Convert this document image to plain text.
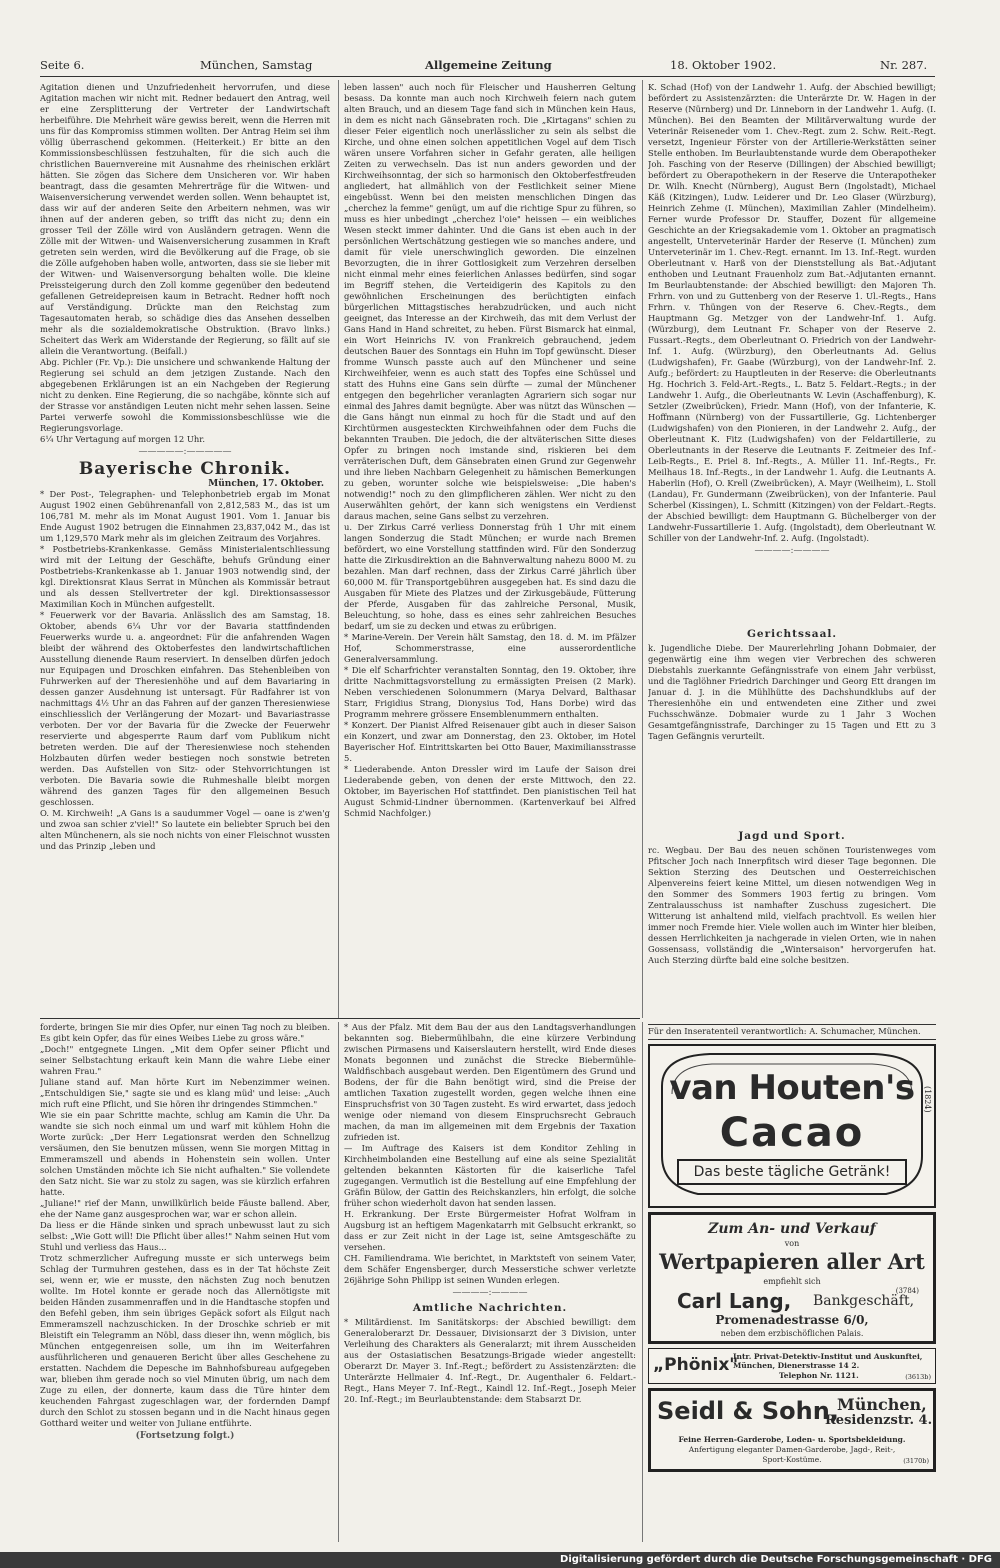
Seite 6.	München, Samstag	Allgemeine Zeitung	18. Oktober 1902.	Nr. 287.

Agitation dienen und Unzufriedenheit hervorrufen, und diese Agitation machen wir nicht mit. Redner bedauert den Antrag, weil er eine Zersplitterung der Vertreter der Landwirtschaft herbeiführe. Die Mehrheit wäre gewiss bereit, wenn die Herren mit uns für das Kompromiss stimmen wollten. Der Antrag Heim sei ihm völlig überraschend gekommen. (Heiterkeit.) Er bitte an den Kommissionsbeschlüssen festzuhalten, für die sich auch die christlichen Bauernvereine mit Ausnahme des rheinischen erklärt hätten. Sie zögen das Sichere dem Unsicheren vor. Wir haben beantragt, dass die gesamten Mehrerträge für die Witwen- und Waisenversicherung verwendet werden sollen. Wenn behauptet ist, dass wir auf der anderen Seite den Arbeitern nehmen, was wir ihnen auf der anderen geben, so trifft das nicht zu; denn ein grosser Teil der Zölle wird von Ausländern getragen. Wenn die Zölle mit der Witwen- und Waisenversicherung zusammen in Kraft getreten sein werden, wird die Bevölkerung auf die Frage, ob sie die Zölle aufgehoben haben wolle, antworten, dass sie sie lieber mit der Witwen- und Waisenversorgung behalten wolle. Die kleine Preissteigerung durch den Zoll komme gegenüber den bedeutend gefallenen Getreidepreisen kaum in Betracht. Redner hofft noch auf Verständigung. Drückte man den Reichstag zum Tagesautomaten herab, so schädige dies das Ansehen desselben mehr als die sozialdemokratische Obstruktion. (Bravo links.) Scheitert das Werk am Widerstande der Regierung, so fällt auf sie allein die Verantwortung. (Beifall.)
Abg. Pichler (Fr. Vp.): Die unsichere und schwankende Haltung der Regierung sei schuld an dem jetzigen Zustande. Nach den abgegebenen Erklärungen ist an ein Nachgeben der Regierung nicht zu denken. Eine Regierung, die so nachgäbe, könnte sich auf der Strasse vor anständigen Leuten nicht mehr sehen lassen. Seine Partei verwerfe sowohl die Kommissionsbeschlüsse wie die Regierungsvorlage.
6¼ Uhr Vertagung auf morgen 12 Uhr.

—————:—————
Bayerische Chronik.
München, 17. Oktober.

* Der Post-, Telegraphen- und Telephonbetrieb ergab im Monat August 1902 einen Gebührenanfall von 2,812,583 M., das ist um 106,781 M. mehr als im Monat August 1901. Vom 1. Januar bis Ende August 1902 betrugen die Einnahmen 23,837,042 M., das ist um 1,129,570 Mark mehr als im gleichen Zeitraum des Vorjahres.
* Postbetriebs-Krankenkasse. Gemäss Ministerialentschliessung wird mit der Leitung der Geschäfte, behufs Gründung einer Postbetriebs-Krankenkasse ab 1. Januar 1903 notwendig sind, der kgl. Direktionsrat Klaus Serrat in München als Kommissär betraut und als dessen Stellvertreter der kgl. Direktionsassessor Maximilian Koch in München aufgestellt.
* Feuerwerk vor der Bavaria. Anlässlich des am Samstag, 18. Oktober, abends 6¼ Uhr vor der Bavaria stattfindenden Feuerwerks wurde u. a. angeordnet: Für die anfahrenden Wagen bleibt der während des Oktoberfestes den landwirtschaftlichen Ausstellung dienende Raum reserviert. In denselben dürfen jedoch nur Equipagen und Droschken einfahren. Das Stehenbleiben von Fuhrwerken auf der Theresienhöhe und auf dem Bavariaring in dessen ganzer Ausdehnung ist untersagt. Für Radfahrer ist von nachmittags 4½ Uhr an das Fahren auf der ganzen Theresienwiese einschliesslich der Verlängerung der Mozart- und Bavariastrasse verboten. Der vor der Bavaria für die Zwecke der Feuerwehr reservierte und abgesperrte Raum darf vom Publikum nicht betreten werden. Die auf der Theresienwiese noch stehenden Holzbauten dürfen weder bestiegen noch sonstwie betreten werden. Das Aufstellen von Sitz- oder Stehvorrichtungen ist verboten. Die Bavaria sowie die Ruhmeshalle bleibt morgen während des ganzen Tages für den allgemeinen Besuch geschlossen.
O. M. Kirchweih! „A Gans is a saudummer Vogel — oane is z'wen'g und zwoa san schier z'viel!" So lautete ein beliebter Spruch bei den alten Münchenern, als sie noch nichts von einer Fleischnot wussten und das Prinzip „leben und

leben lassen" auch noch für Fleischer und Hausherren Geltung besass. Da konnte man auch noch Kirchweih feiern nach gutem alten Brauch, und an diesem Tage fand sich in München kein Haus, in dem es nicht nach Gänsebraten roch. Die „Kirtagans" schien zu dieser Feier eigentlich noch unerlässlicher zu sein als selbst die Kirche, und ohne einen solchen appetitlichen Vogel auf dem Tisch wären unsere Vorfahren sicher in Gefahr geraten, alle heiligen Zeiten zu verwechseln. Das ist nun anders geworden und der Kirchweihsonntag, der sich so harmonisch den Oktoberfestfreuden angliedert, hat allmählich von der Festlichkeit seiner Miene eingebüsst. Wenn bei den meisten menschlichen Dingen das „cherchez la femme" genügt, um auf die richtige Spur zu führen, so muss es hier unbedingt „cherchez l'oie" heissen — ein weibliches Wesen steckt immer dahinter. Und die Gans ist eben auch in der persönlichen Wertschätzung gestiegen wie so manches andere, und damit für viele unerschwinglich geworden. Die einzelnen Bevorzugten, die in ihrer Gottlosigkeit zum Verzehren derselben nicht einmal mehr eines feierlichen Anlasses bedürfen, sind sogar im Begriff stehen, die Verteidigerin des Kapitols zu den gewöhnlichen Erscheinungen des berüchtigten einfach bürgerlichen Mittagstisches herabzudrücken, und auch nicht geeignet, das Interesse an der Kirchweih, das mit dem Verlust der Gans Hand in Hand schreitet, zu heben. Fürst Bismarck hat einmal, ein Wort Heinrichs IV. von Frankreich gebrauchend, jedem deutschen Bauer des Sonntags ein Huhn im Topf gewünscht. Dieser fromme Wunsch passte auch auf den Münchener und seine Kirchweihfeier, wenn es auch statt des Topfes eine Schüssel und statt des Huhns eine Gans sein dürfte — zumal der Münchener entgegen den begehrlicher veranlagten Agrariern sich sogar nur einmal des Jahres damit begnügte. Aber was nützt das Wünschen — die Gans hängt nun einmal zu hoch für die Stadt und auf den Kirchtürmen ausgesteckten Kirchweihfahnen oder dem Fuchs die bekannten Trauben. Die jedoch, die der altväterischen Sitte dieses Opfer zu bringen noch imstande sind, riskieren bei dem verräterischen Duft, dem Gänsebraten einen Grund zur Gegenwehr und ihre lieben Nachbarn Gelegenheit zu hämischen Bemerkungen zu geben, worunter solche wie beispielsweise: „Die haben's notwendig!" noch zu den glimpflicheren zählen. Wer nicht zu den Auserwählten gehört, der kann sich wenigstens ein Verdienst daraus machen, seine Gans selbst zu verzehren.
u. Der Zirkus Carré verliess Donnerstag früh 1 Uhr mit einem langen Sonderzug die Stadt München; er wurde nach Bremen befördert, wo eine Vorstellung stattfinden wird. Für den Sonderzug hatte die Zirkusdirektion an die Bahnverwaltung nahezu 8000 M. zu bezahlen. Man darf rechnen, dass der Zirkus Carré jährlich über 60,000 M. für Transportgebühren ausgegeben hat. Es sind dazu die Ausgaben für Miete des Platzes und der Zirkusgebäude, Fütterung der Pferde, Ausgaben für das zahlreiche Personal, Musik, Beleuchtung, so hohe, dass es eines sehr zahlreichen Besuches bedarf, um sie zu decken und etwas zu erübrigen.
* Marine-Verein. Der Verein hält Samstag, den 18. d. M. im Pfälzer Hof, Schommerstrasse, eine ausserordentliche Generalversammlung.
* Die elf Scharfrichter veranstalten Sonntag, den 19. Oktober, ihre dritte Nachmittagsvorstellung zu ermässigten Preisen (2 Mark). Neben verschiedenen Solonummern (Marya Delvard, Balthasar Starr, Frigidius Strang, Dionysius Tod, Hans Dorbe) wird das Programm mehrere grössere Ensemblenummern enthalten.
* Konzert. Der Pianist Alfred Reisenauer gibt auch in dieser Saison ein Konzert, und zwar am Donnerstag, den 23. Oktober, im Hotel Bayerischer Hof. Eintrittskarten bei Otto Bauer, Maximiliansstrasse 5.
* Liederabende. Anton Dressler wird im Laufe der Saison drei Liederabende geben, von denen der erste Mittwoch, den 22. Oktober, im Bayerischen Hof stattfindet. Den pianistischen Teil hat August Schmid-Lindner übernommen. (Kartenverkauf bei Alfred Schmid Nachfolger.)

K. Schad (Hof) von der Landwehr 1. Aufg. der Abschied bewilligt; befördert zu Assistenzärzten: die Unterärzte Dr. W. Hagen in der Reserve (Nürnberg) und Dr. Linneborn in der Landwehr 1. Aufg. (I. München). Bei den Beamten der Militärverwaltung wurde der Veterinär Reiseneder vom 1. Chev.-Regt. zum 2. Schw. Reit.-Regt. versetzt, Ingenieur Förster von der Artillerie-Werkstätten seiner Stelle enthoben. Im Beurlaubtenstande wurde dem Oberapotheker Joh. Fasching von der Reserve (Dillingen) der Abschied bewilligt; befördert zu Oberapothekern in der Reserve die Unterapotheker Dr. Wilh. Knecht (Nürnberg), August Bern (Ingolstadt), Michael Käß (Kitzingen), Ludw. Leiderer und Dr. Leo Glaser (Würzburg), Heinrich Zehme (I. München), Maximilian Zahler (Mindelheim). Ferner wurde Professor Dr. Stauffer, Dozent für allgemeine Geschichte an der Kriegsakademie vom 1. Oktober an pragmatisch angestellt, Unterveterinär Harder der Reserve (I. München) zum Unterveterinär im 1. Chev.-Regt. ernannt. Im 13. Inf.-Regt. wurden Oberleutnant v. Harß von der Dienststellung als Bat.-Adjutant enthoben und Leutnant Frauenholz zum Bat.-Adjutanten ernannt. Im Beurlaubtenstande: der Abschied bewilligt: den Majoren Th. Frhrn. von und zu Guttenberg von der Reserve 1. Ul.-Regts., Hans Frhrn. v. Thüngen von der Reserve 6. Chev.-Regts., dem Hauptmann Gg. Metzger von der Landwehr-Inf. 1. Aufg. (Würzburg), dem Leutnant Fr. Schaper von der Reserve 2. Fussart.-Regts., dem Oberleutnant O. Friedrich von der Landwehr-Inf. 1. Aufg. (Würzburg), den Oberleutnants Ad. Gelius (Ludwigshafen), Fr. Gaabe (Würzburg), von der Landwehr-Inf. 2. Aufg.; befördert: zu Hauptleuten in der Reserve: die Oberleutnants Hg. Hochrich 3. Feld-Art.-Regts., L. Batz 5. Feldart.-Regts.; in der Landwehr 1. Aufg., die Oberleutnants W. Levin (Aschaffenburg), K. Setzler (Zweibrücken), Friedr. Mann (Hof), von der Infanterie, K. Hoffmann (Nürnberg) von der Fussartillerie, Gg. Lichtenberger (Ludwigshafen) von den Pionieren, in der Landwehr 2. Aufg., der Oberleutnant K. Fitz (Ludwigshafen) von der Feldartillerie, zu Oberleutnants in der Reserve die Leutnants F. Zeitmeier des Inf.-Leib-Regts., E. Priel 8. Inf.-Regts., A. Müller 11. Inf.-Regts., Fr. Meilhaus 18. Inf.-Regts., in der Landwehr 1. Aufg. die Leutnants A. Haberlin (Hof), O. Krell (Zweibrücken), A. Mayr (Weilheim), L. Stoll (Landau), Fr. Gundermann (Zweibrücken), von der Infanterie. Paul Scherbel (Kissingen), L. Schmitt (Kitzingen) von der Feldart.-Regts. der Abschied bewilligt: dem Hauptmann G. Büchelberger von der Landwehr-Fussartillerie 1. Aufg. (Ingolstadt), dem Oberleutnant W. Schiller von der Landwehr-Inf. 2. Aufg. (Ingolstadt).

————:————
Gerichtssaal.

k. Jugendliche Diebe. Der Maurerlehrling Johann Dobmaier, der gegenwärtig eine ihm wegen vier Verbrechen des schweren Diebstahls zuerkannte Gefängnisstrafe von einem Jahr verbüsst, und die Taglöhner Friedrich Darchinger und Georg Ett drangen im Januar d. J. in die Mühlhütte des Dachshundklubs auf der Theresienhöhe ein und entwendeten eine Zither und zwei Fuchsschwänze. Dobmaier wurde zu 1 Jahr 3 Wochen Gesamtgefängnisstrafe, Darchinger zu 15 Tagen und Ett zu 3 Tagen Gefängnis verurteilt.

Jagd und Sport.

rc. Wegbau. Der Bau des neuen schönen Touristenweges vom Pfitscher Joch nach Innerpfitsch wird dieser Tage begonnen. Die Sektion Sterzing des Deutschen und Oesterreichischen Alpenvereins feiert keine Mittel, um diesen notwendigen Weg in den Sommer des Sommers 1903 fertig zu bringen. Vom Zentralausschuss ist namhafter Zuschuss zugesichert. Die Witterung ist anhaltend mild, vielfach prachtvoll. Es weilen hier immer noch Fremde hier. Viele wollen auch im Winter hier bleiben, dessen Herrlichkeiten ja nachgerade in vielen Orten, wie in nahen Gossensass, vollständig die „Wintersaison" hervorgerufen hat. Auch Sterzing dürfte bald eine solche besitzen.

forderte, bringen Sie mir dies Opfer, nur einen Tag noch zu bleiben. Es gibt kein Opfer, das für eines Weibes Liebe zu gross wäre."
„Doch!" entgegnete Lingen. „Mit dem Opfer seiner Pflicht und seiner Selbstachtung erkauft kein Mann die wahre Liebe einer wahren Frau."
Juliane stand auf. Man hörte Kurt im Nebenzimmer weinen. „Entschuldigen Sie," sagte sie und es klang müd' und leise: „Auch mich ruft eine Pflicht, und Sie hören ihr dringendes Stimmchen."
Wie sie ein paar Schritte machte, schlug am Kamin die Uhr. Da wandte sie sich noch einmal um und warf mit kühlem Hohn die Worte zurück: „Der Herr Legationsrat werden den Schnellzug versäumen, den Sie benutzen müssen, wenn Sie morgen Mittag in Emmeramszell und abends in Hohenstein sein wollen. Unter solchen Umständen möchte ich Sie nicht aufhalten." Sie vollendete den Satz nicht. Sie war zu stolz zu sagen, was sie kürzlich erfahren hatte.
„Juliane!" rief der Mann, unwillkürlich beide Fäuste ballend. Aber, ehe der Name ganz ausgesprochen war, war er schon allein.
Da liess er die Hände sinken und sprach unbewusst laut zu sich selbst: „Wie Gott will! Die Pflicht über alles!" Nahm seinen Hut vom Stuhl und verliess das Haus...
Trotz schmerzlicher Aufregung musste er sich unterwegs beim Schlag der Turmuhren gestehen, dass es in der Tat höchste Zeit sei, wenn er, wie er musste, den nächsten Zug noch benutzen wollte. Im Hotel konnte er gerade noch das Allernötigste mit beiden Händen zusammenraffen und in die Handtasche stopfen und den Befehl geben, ihm sein übriges Gepäck sofort als Eilgut nach Emmeramszell nachzuschicken. In der Droschke schrieb er mit Bleistift ein Telegramm an Nöbl, dass dieser ihn, wenn möglich, bis München entgegenreisen solle, um ihn im Weiterfahren ausführlicheren und genaueren Bericht über alles Geschehene zu erstatten. Nachdem die Depesche im Bahnhofsbureau aufgegeben war, blieben ihm gerade noch so viel Minuten übrig, um nach dem Zuge zu eilen, der donnerte, kaum dass die Türe hinter dem keuchenden Fahrgast zugeschlagen war, der fordernden Dampf durch den Schlot zu stossen begann und in die Nacht hinaus gegen Gotthard weiter und weiter von Juliane entführte.

(Fortsetzung folgt.)

* Aus der Pfalz. Mit dem Bau der aus den Landtagsverhandlungen bekannten sog. Biebermühlbahn, die eine kürzere Verbindung zwischen Pirmasens und Kaiserslautern herstellt, wird Ende dieses Monats begonnen und zunächst die Strecke Biebermühle-Waldfischbach ausgebaut werden. Den Eigentümern des Grund und Bodens, der für die Bahn benötigt wird, sind die Preise der amtlichen Taxation zugestellt worden, gegen welche ihnen eine Einspruchsfrist von 30 Tagen zusteht. Es wird erwartet, dass jedoch wenige oder niemand von diesem Einspruchsrecht Gebrauch machen, da man im allgemeinen mit dem Ergebnis der Taxation zufrieden ist.
— Im Auftrage des Kaisers ist dem Konditor Zehling in Kirchheimbolanden eine Bestellung auf eine als seine Spezialität geltenden bekannten Kästorten für die kaiserliche Tafel zugegangen. Vermutlich ist die Bestellung auf eine Empfehlung der Gräfin Bülow, der Gattin des Reichskanzlers, hin erfolgt, die solche früher schon wiederholt davon hat senden lassen.
H. Erkrankung. Der Erste Bürgermeister Hofrat Wolfram in Augsburg ist an heftigem Magenkatarrh mit Gelbsucht erkrankt, so dass er zur Zeit nicht in der Lage ist, seine Amtsgeschäfte zu versehen.
CH. Familiendrama. Wie berichtet, in Marktsteft von seinem Vater, dem Schäfer Engensberger, durch Messerstiche schwer verletzte 26jährige Sohn Philipp ist seinen Wunden erlegen.

————:————
Amtliche Nachrichten.

* Militärdienst. Im Sanitätskorps: der Abschied bewilligt: dem Generaloberarzt Dr. Dessauer, Divisionsarzt der 3 Division, unter Verleihung des Charakters als Generalarzt; mit ihrem Ausscheiden aus der Ostasiatischen Besatzungs-Brigade wieder angestellt: Oberarzt Dr. Mayer 3. Inf.-Regt.; befördert zu Assistenzärzten: die Unterärzte Hellmaier 4. Inf.-Regt., Dr. Augenthaler 6. Feldart.-Regt., Hans Meyer 7. Inf.-Regt., Kaindl 12. Inf.-Regt., Joseph Meier 20. Inf.-Regt.; im Beurlaubtenstande: dem Stabsarzt Dr.

Für den Inseratenteil verantwortlich: A. Schumacher, München.
van Houten's
Cacao
Das beste tägliche Getränk!
(1824)
Zum An- und Verkauf
von
Wertpapieren aller Art
empfiehlt sich
(3784)
Carl Lang, Bankgeschäft,
Promenadestrasse 6/0,
neben dem erzbischöflichen Palais.
„Phönix"
Intr. Privat-Detektiv-Institut und Auskunftei, München, Dienerstrasse 14 2.
Telephon Nr. 1121.	(3613b)
Seidl & Sohn,
München,
Residenzstr. 4.
Feine Herren-Garderobe, Loden- u. Sportsbekleidung.
Anfertigung eleganter Damen-Garderobe, Jagd-, Reit-,
Sport-Kostüme.	(3170b)
Digitalisierung gefördert durch die Deutsche Forschungsgemeinschaft · DFG
